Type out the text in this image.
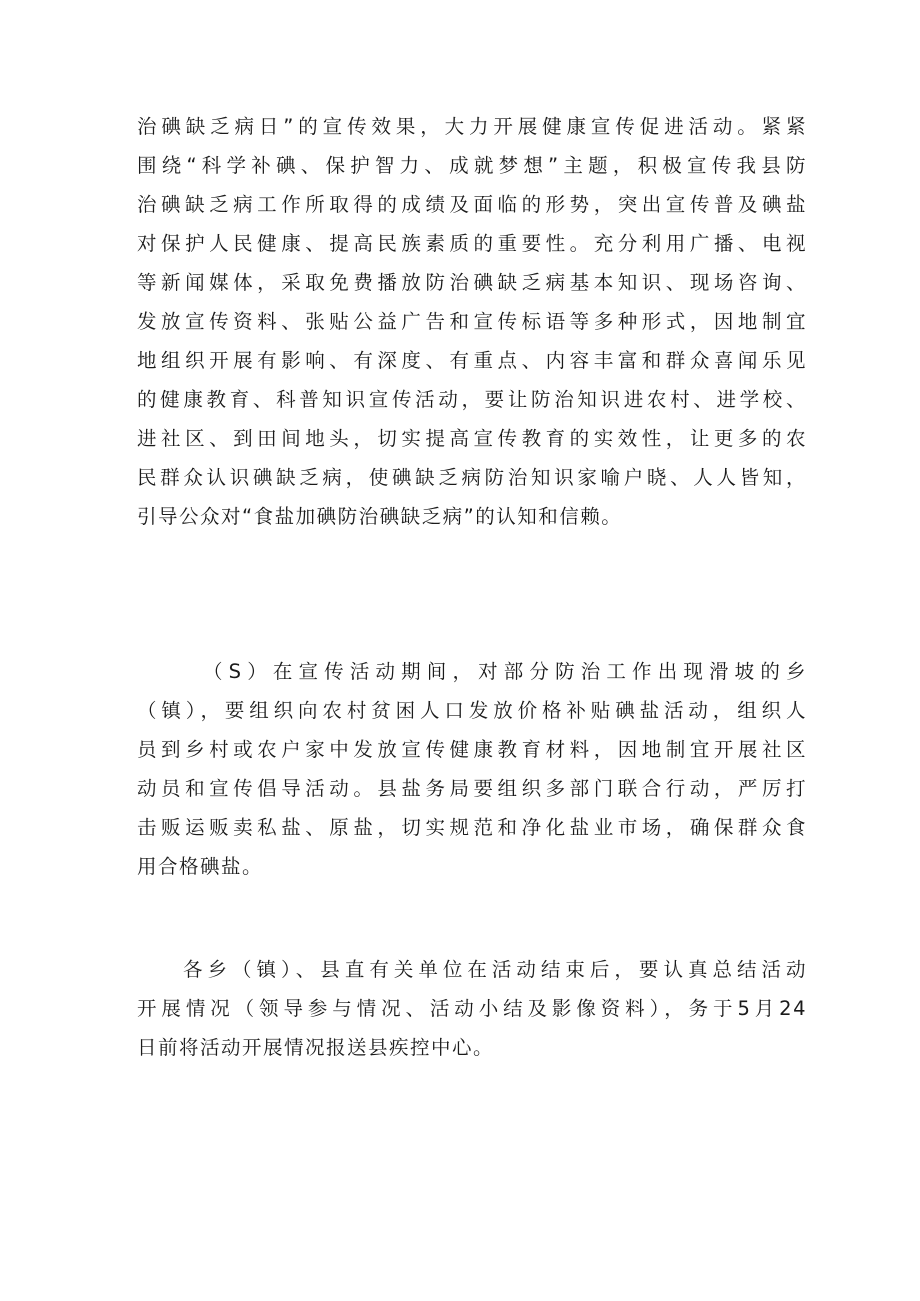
治碘缺乏病日”的宣传效果，大力开展健康宣传促进活动。紧紧
围绕“科学补碘、保护智力、成就梦想”主题，积极宣传我县防
治碘缺乏病工作所取得的成绩及面临的形势，突出宣传普及碘盐
对保护人民健康、提高民族素质的重要性。充分利用广播、电视
等新闻媒体，采取免费播放防治碘缺乏病基本知识、现场咨询、
发放宣传资料、张贴公益广告和宣传标语等多种形式，因地制宜
地组织开展有影响、有深度、有重点、内容丰富和群众喜闻乐见
的健康教育、科普知识宣传活动，要让防治知识进农村、进学校、
进社区、到田间地头，切实提高宣传教育的实效性，让更多的农
民群众认识碘缺乏病，使碘缺乏病防治知识家喻户晓、人人皆知，
引导公众对“食盐加碘防治碘缺乏病”的认知和信赖。
（S）在宣传活动期间，对部分防治工作出现滑坡的乡
（镇），要组织向农村贫困人口发放价格补贴碘盐活动，组织人
员到乡村或农户家中发放宣传健康教育材料，因地制宜开展社区
动员和宣传倡导活动。县盐务局要组织多部门联合行动，严厉打
击贩运贩卖私盐、原盐，切实规范和净化盐业市场，确保群众食
用合格碘盐。
各乡（镇）、县直有关单位在活动结束后，要认真总结活动
开展情况（领导参与情况、活动小结及影像资料），务于5月24
日前将活动开展情况报送县疾控中心。
